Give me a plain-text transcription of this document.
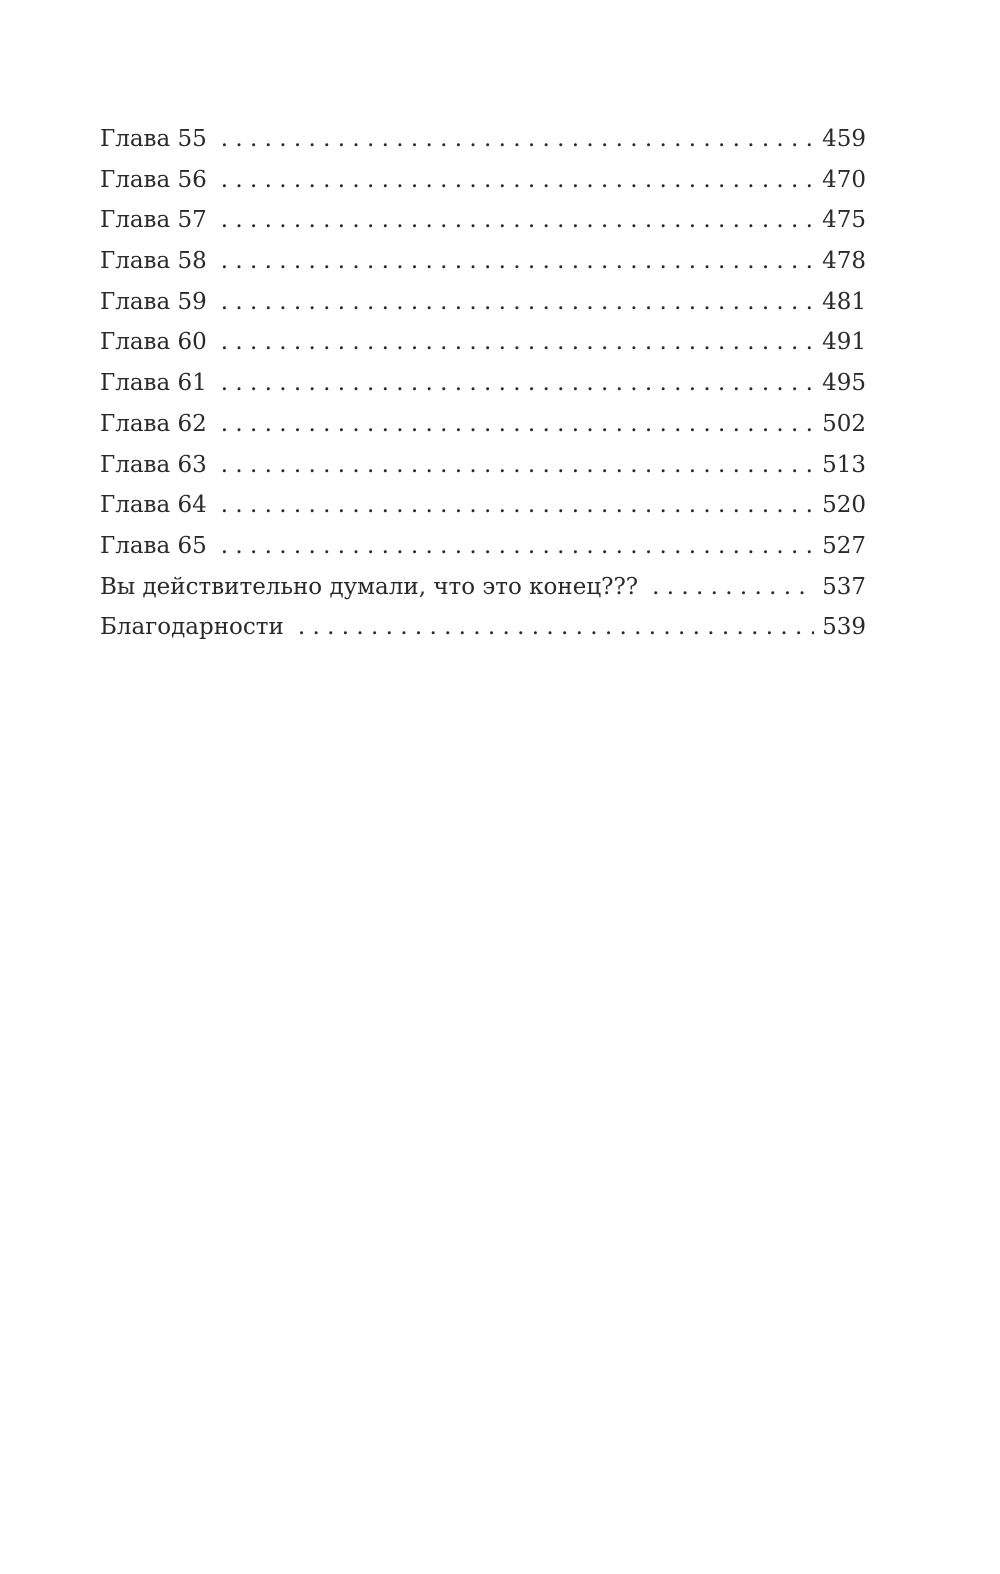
Глава 55 . . .	459
Глава 56 . . .	470
Глава 57 . . .	475
Глава 58 . . .	478
Глава 59 . . .	481
Глава 60 . . .	491
Глава 61 . . .	495
Глава 62 . . .	502
Глава 63 . . .	513
Глава 64 . . .	520
Глава 65 . . .	527
Вы действительно думали, что это конец??? . . .	537
Благодарности . . .	539
